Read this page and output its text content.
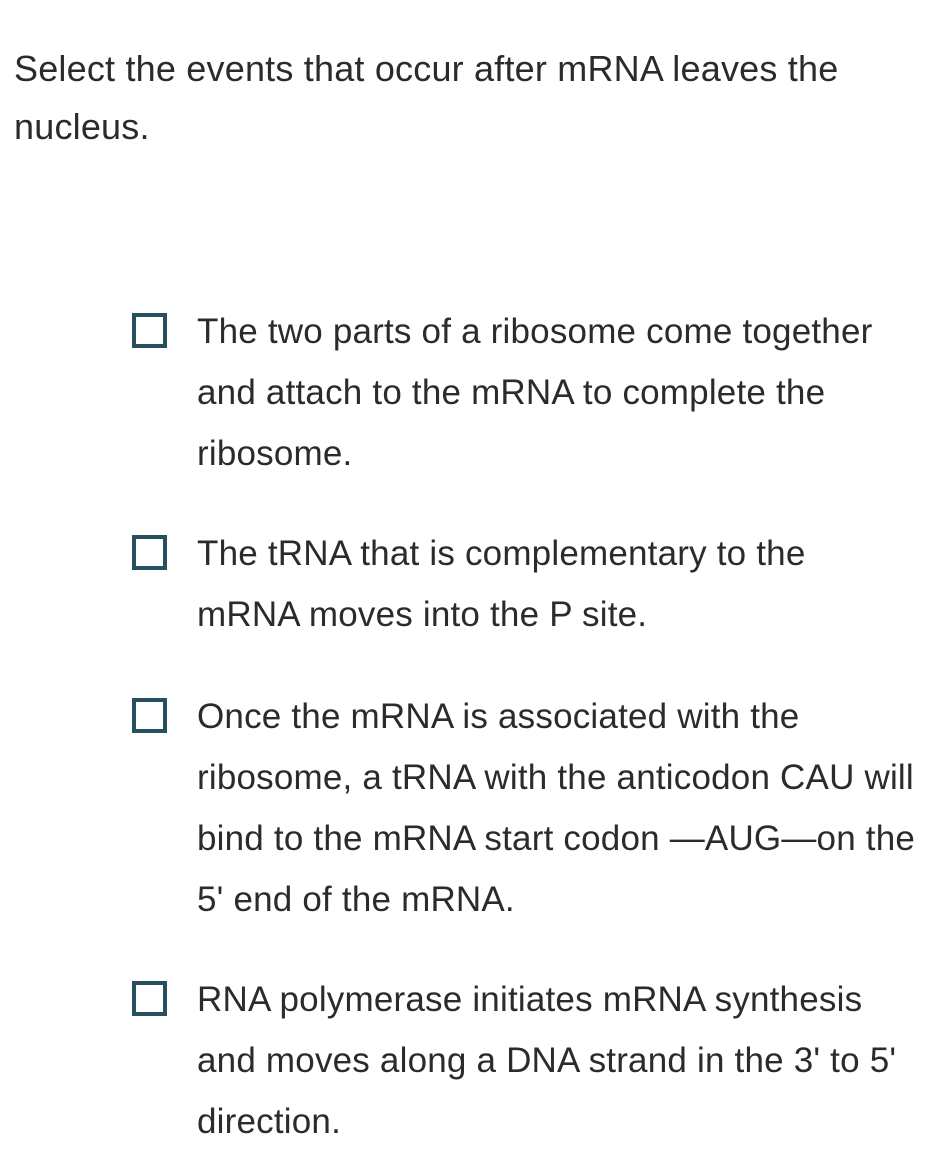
Select the events that occur after mRNA leaves the nucleus.
The two parts of a ribosome come together and attach to the mRNA to complete the ribosome.
The tRNA that is complementary to the mRNA moves into the P site.
Once the mRNA is associated with the ribosome, a tRNA with the anticodon CAU will bind to the mRNA start codon —AUG—on the 5' end of the mRNA.
RNA polymerase initiates mRNA synthesis and moves along a DNA strand in the 3' to 5' direction.
